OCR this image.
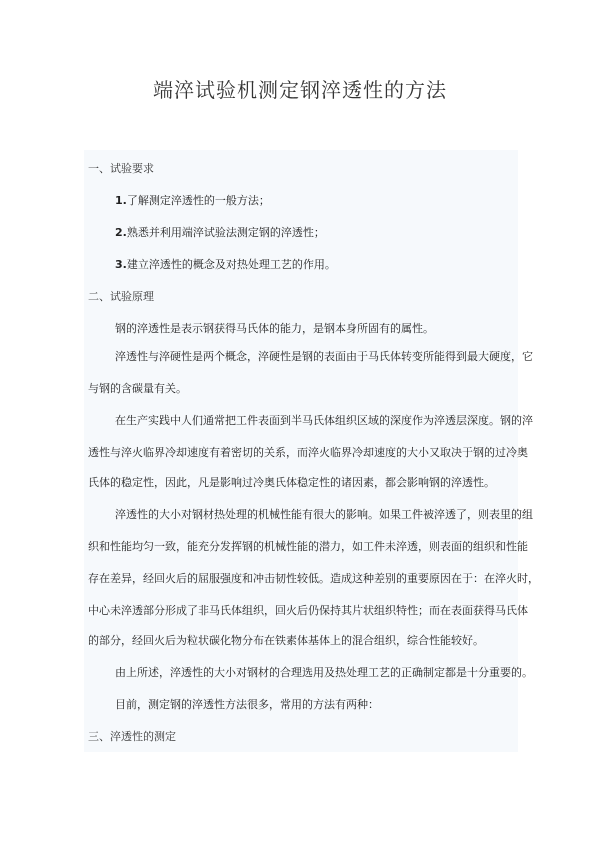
端淬试验机测定钢淬透性的方法
一、试验要求
1.了解测定淬透性的一般方法；
2.熟悉并利用端淬试验法测定钢的淬透性；
3.建立淬透性的概念及对热处理工艺的作用。
二、试验原理
钢的淬透性是表示钢获得马氏体的能力，是钢本身所固有的属性。
淬透性与淬硬性是两个概念，淬硬性是钢的表面由于马氏体转变所能得到最大硬度，它
与钢的含碳量有关。
在生产实践中人们通常把工件表面到半马氏体组织区域的深度作为淬透层深度。钢的淬
透性与淬火临界冷却速度有着密切的关系，而淬火临界冷却速度的大小又取决于钢的过冷奥
氏体的稳定性，因此，凡是影响过冷奥氏体稳定性的诸因素，都会影响钢的淬透性。
淬透性的大小对钢材热处理的机械性能有很大的影响。如果工件被淬透了，则表里的组
织和性能均匀一致，能充分发挥钢的机械性能的潜力，如工件未淬透，则表面的组织和性能
存在差异，经回火后的屈服强度和冲击韧性较低。造成这种差别的重要原因在于：在淬火时，
中心未淬透部分形成了非马氏体组织，回火后仍保持其片状组织特性；而在表面获得马氏体
的部分，经回火后为粒状碳化物分布在铁素体基体上的混合组织，综合性能较好。
由上所述，淬透性的大小对钢材的合理选用及热处理工艺的正确制定都是十分重要的。
目前，测定钢的淬透性方法很多，常用的方法有两种：
三、淬透性的测定
